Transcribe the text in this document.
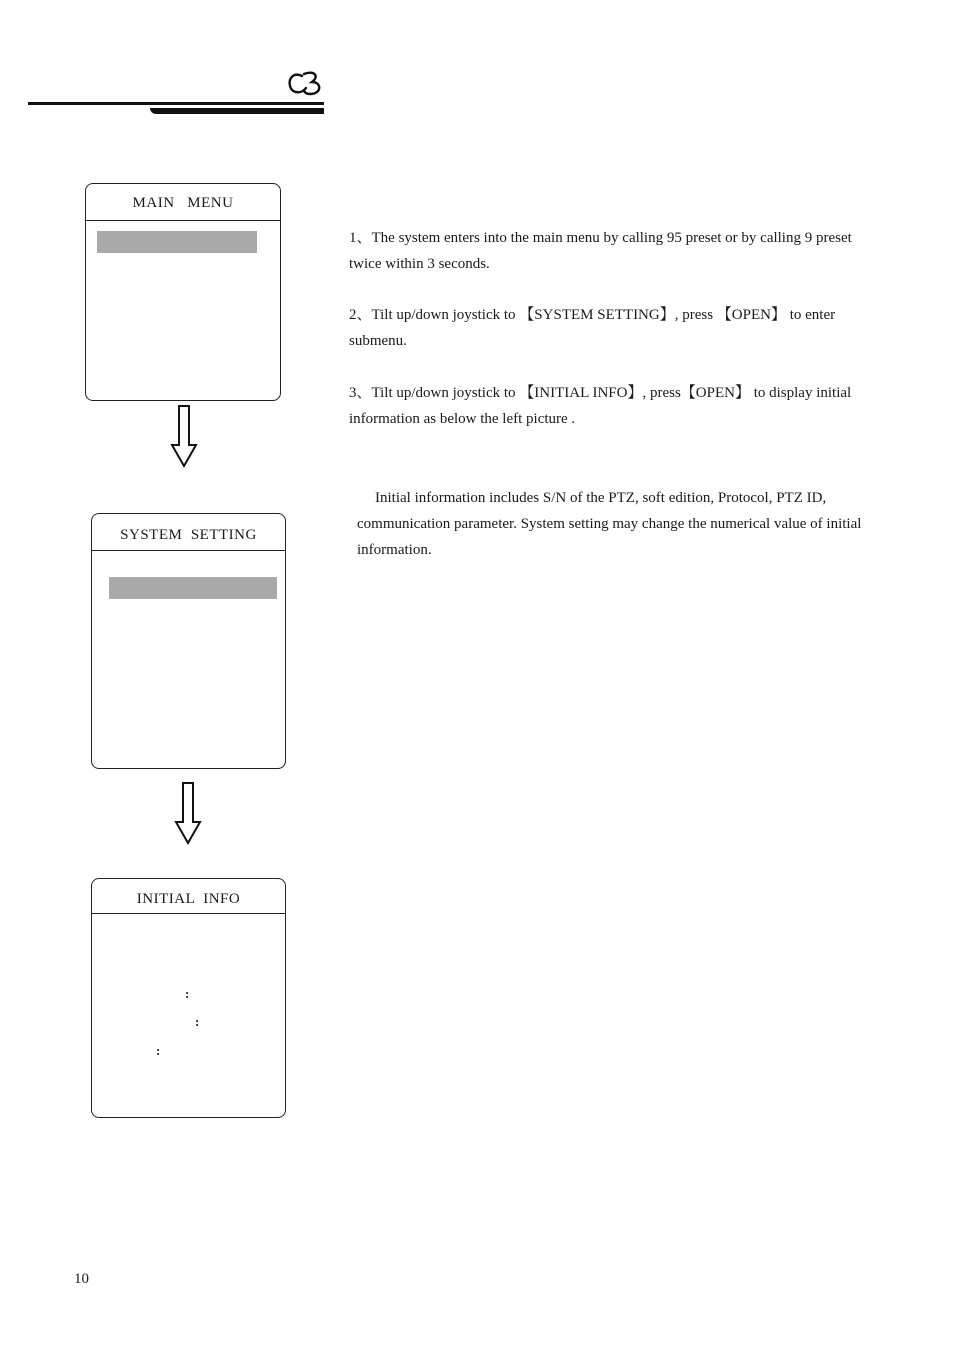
MAIN   MENU
SYSTEM  SETTING
INITIAL  INFO
:
:
:

1、The system enters into the main menu by calling 95 preset or by calling 9 preset twice within 3 seconds.

2、Tilt up/down joystick to 【SYSTEM SETTING】, press 【OPEN】 to enter submenu.

3、Tilt up/down joystick to 【INITIAL INFO】, press【OPEN】 to display initial information as below the left picture .

Initial information includes S/N of the PTZ, soft edition, Protocol, PTZ ID, communication parameter. System setting may change the numerical value of initial information.

10
